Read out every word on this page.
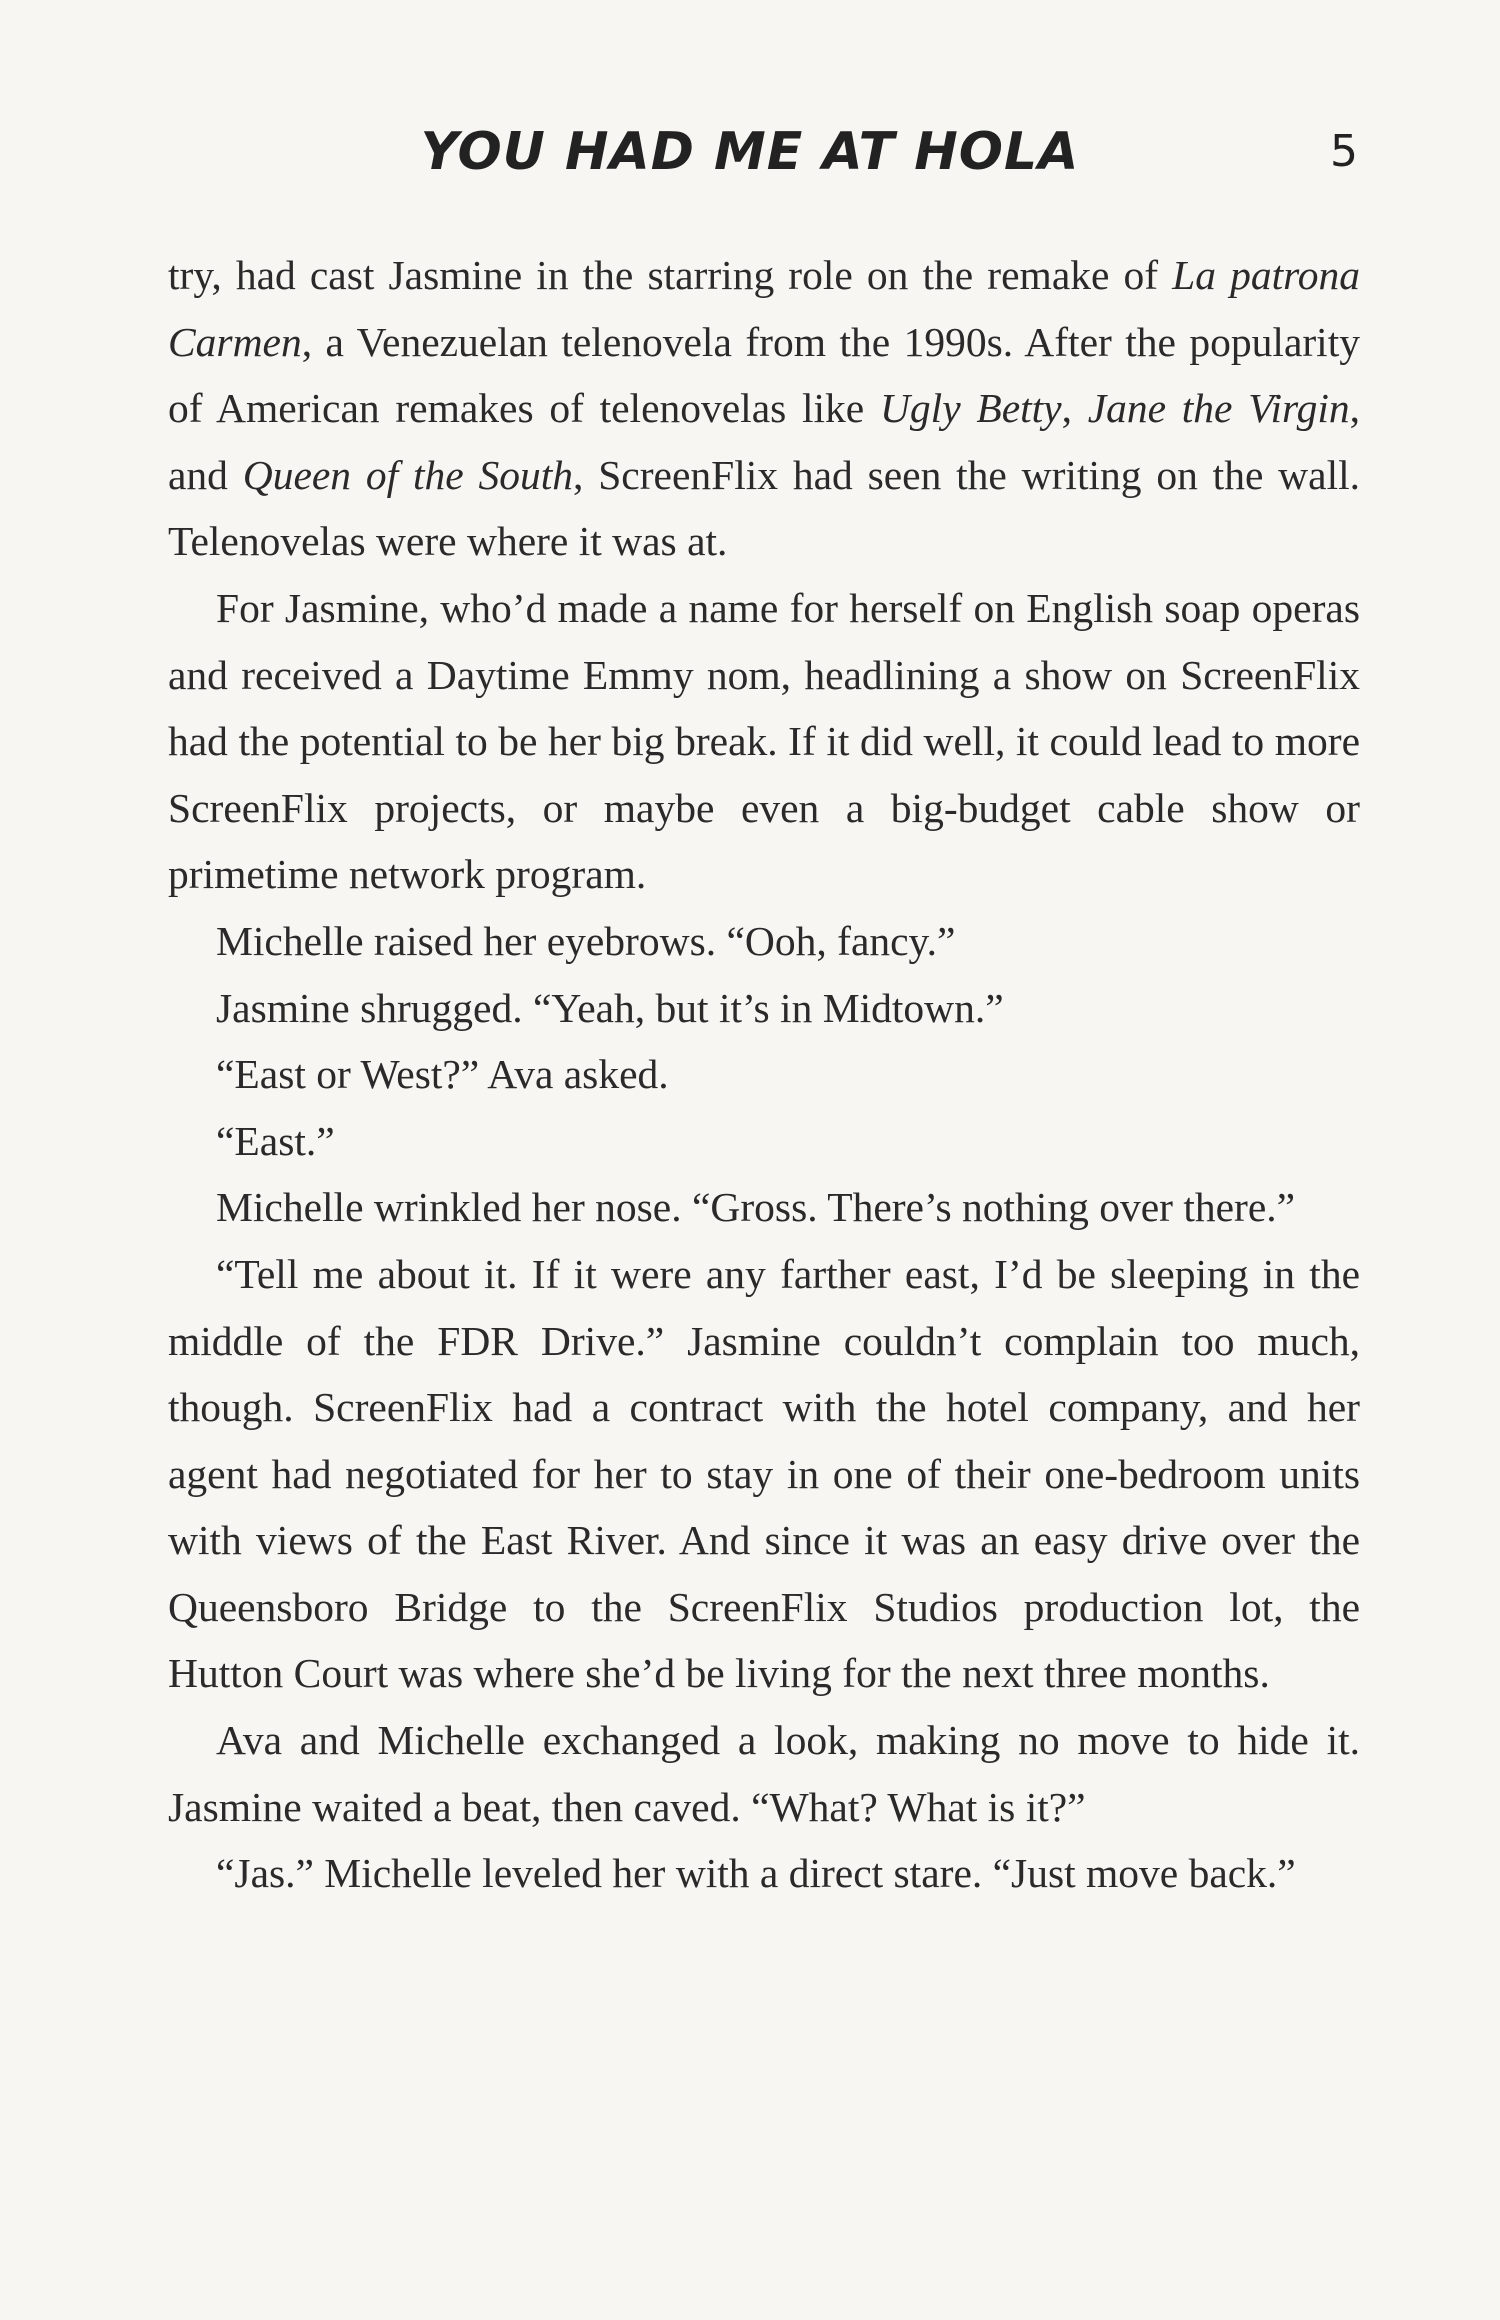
YOU HAD ME AT HOLA	5

try, had cast Jasmine in the starring role on the remake of La patrona Carmen, a Venezuelan telenovela from the 1990s. After the popularity of American remakes of telenovelas like Ugly Betty, Jane the Virgin, and Queen of the South, ScreenFlix had seen the writing on the wall. Telenovelas were where it was at.

For Jasmine, who’d made a name for herself on English soap operas and received a Daytime Emmy nom, headlining a show on ScreenFlix had the potential to be her big break. If it did well, it could lead to more ScreenFlix projects, or maybe even a big-budget cable show or primetime network program.

Michelle raised her eyebrows. “Ooh, fancy.”

Jasmine shrugged. “Yeah, but it’s in Midtown.”

“East or West?” Ava asked.

“East.”

Michelle wrinkled her nose. “Gross. There’s nothing over there.”

“Tell me about it. If it were any farther east, I’d be sleeping in the middle of the FDR Drive.” Jasmine couldn’t complain too much, though. ScreenFlix had a contract with the hotel company, and her agent had negotiated for her to stay in one of their one-bedroom units with views of the East River. And since it was an easy drive over the Queensboro Bridge to the ScreenFlix Studios production lot, the Hutton Court was where she’d be living for the next three months.

Ava and Michelle exchanged a look, making no move to hide it. Jasmine waited a beat, then caved. “What? What is it?”

“Jas.” Michelle leveled her with a direct stare. “Just move back.”
